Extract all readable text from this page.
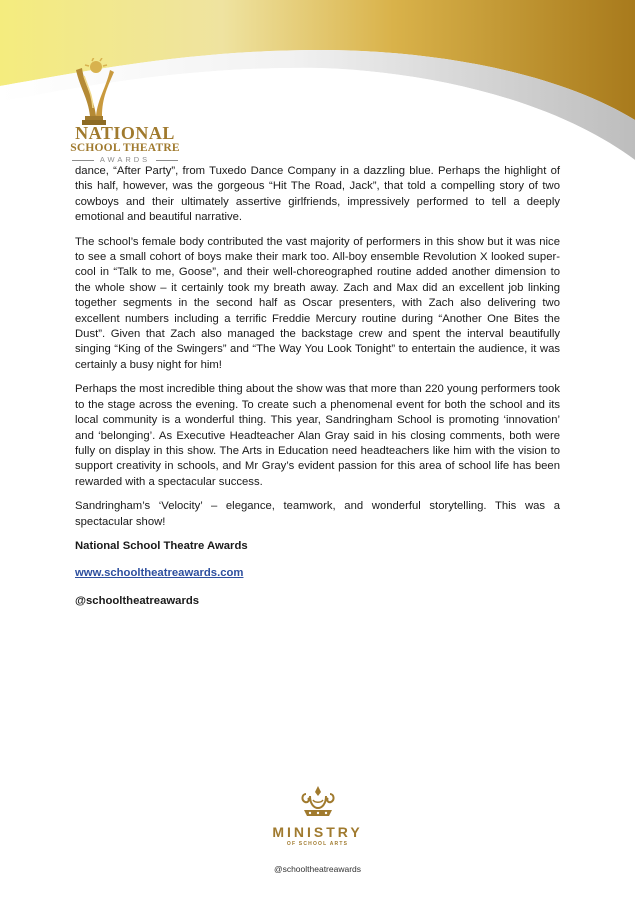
NATIONAL
SCHOOL THEATRE
AWARDS

dance, “After Party”, from Tuxedo Dance Company in a dazzling blue. Perhaps the highlight of this half, however, was the gorgeous “Hit The Road, Jack”, that told a compelling story of two cowboys and their ultimately assertive girlfriends, impressively performed to tell a deeply emotional and beautiful narrative.

The school’s female body contributed the vast majority of performers in this show but it was nice to see a small cohort of boys make their mark too. All-boy ensemble Revolution X looked super-cool in “Talk to me, Goose”, and their well-choreographed routine added another dimension to the whole show – it certainly took my breath away. Zach and Max did an excellent job linking together segments in the second half as Oscar presenters, with Zach also delivering two excellent numbers including a terrific Freddie Mercury routine during “Another One Bites the Dust”. Given that Zach also managed the backstage crew and spent the interval beautifully singing “King of the Swingers” and “The Way You Look Tonight” to entertain the audience, it was certainly a busy night for him!

Perhaps the most incredible thing about the show was that more than 220 young performers took to the stage across the evening. To create such a phenomenal event for both the school and its local community is a wonderful thing. This year, Sandringham School is promoting ‘innovation’ and ‘belonging’. As Executive Headteacher Alan Gray said in his closing comments, both were fully on display in this show. The Arts in Education need headteachers like him with the vision to support creativity in schools, and Mr Gray’s evident passion for this area of school life has been rewarded with a spectacular success.

Sandringham’s ‘Velocity’ – elegance, teamwork, and wonderful storytelling. This was a spectacular show!

National School Theatre Awards

www.schooltheatreawards.com

@schooltheatreawards

MINISTRY
OF SCHOOL ARTS
@schooltheatreawards
